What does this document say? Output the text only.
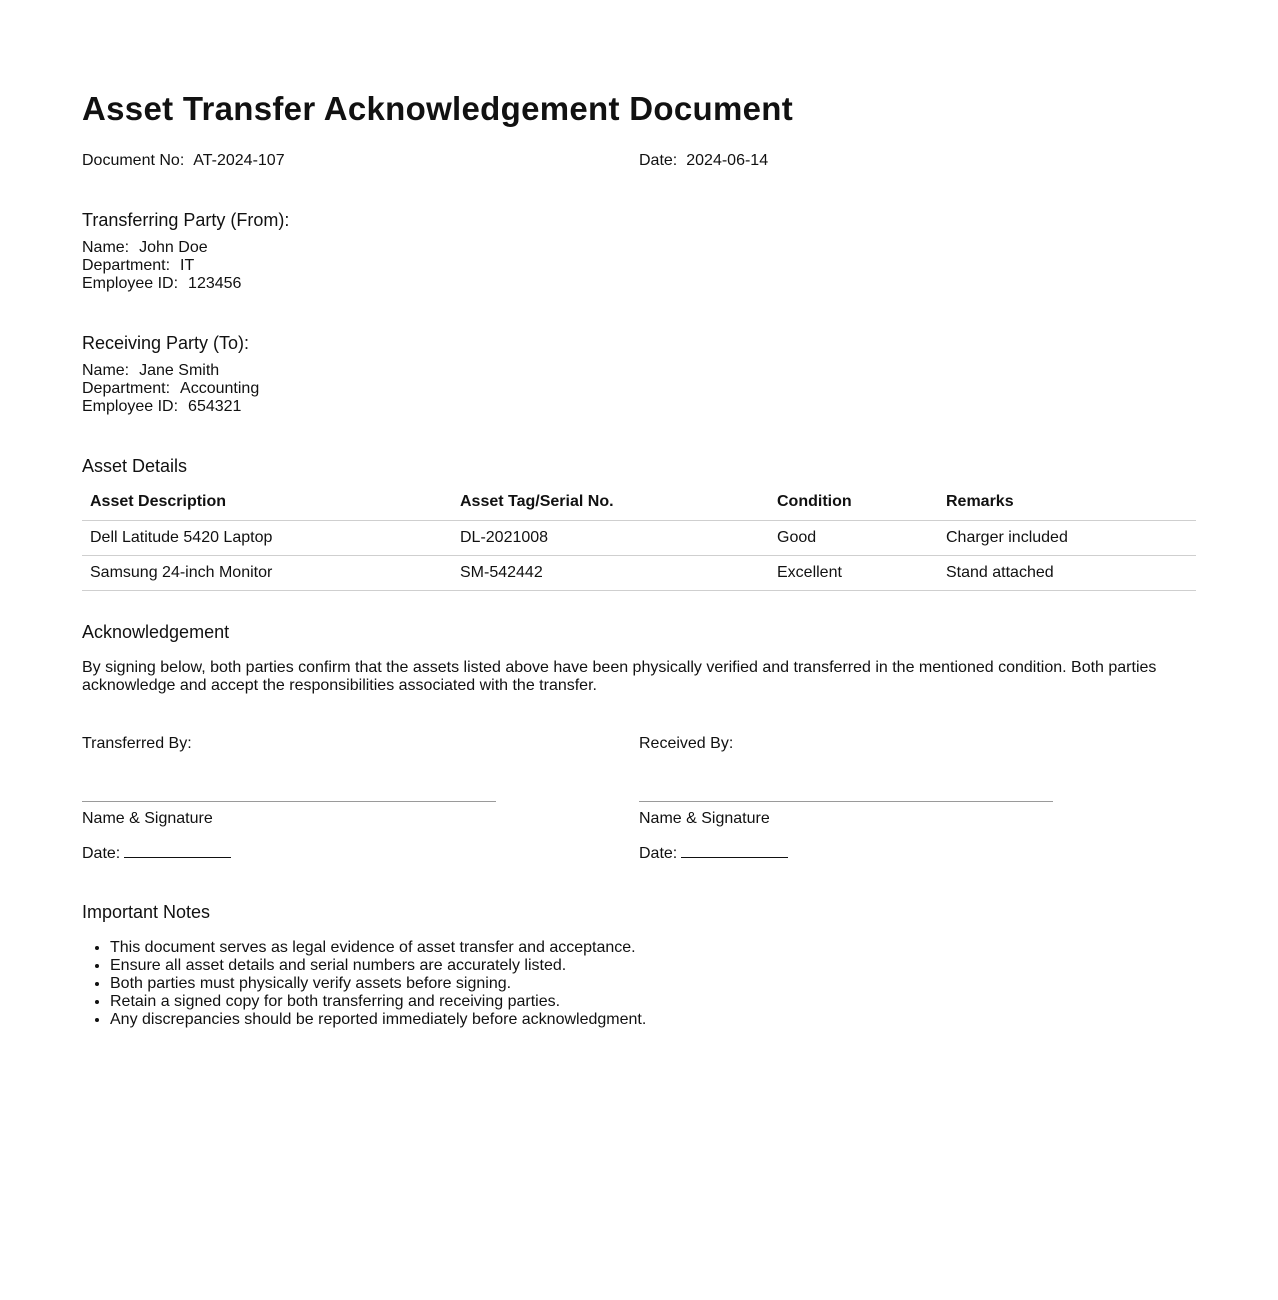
Asset Transfer Acknowledgement Document
Document No: AT-2024-107	Date: 2024-06-14
Transferring Party (From):
Name: John Doe
Department: IT
Employee ID: 123456
Receiving Party (To):
Name: Jane Smith
Department: Accounting
Employee ID: 654321
Asset Details
Asset Description	Asset Tag/Serial No.	Condition	Remarks
Dell Latitude 5420 Laptop	DL-2021008	Good	Charger included
Samsung 24-inch Monitor	SM-542442	Excellent	Stand attached
Acknowledgement

By signing below, both parties confirm that the assets listed above have been physically verified and transferred in the mentioned condition. Both parties acknowledge and accept the responsibilities associated with the transfer.

Transferred By:
Name & Signature
Date:
Received By:
Name & Signature
Date:
Important Notes
• This document serves as legal evidence of asset transfer and acceptance.
• Ensure all asset details and serial numbers are accurately listed.
• Both parties must physically verify assets before signing.
• Retain a signed copy for both transferring and receiving parties.
• Any discrepancies should be reported immediately before acknowledgment.
